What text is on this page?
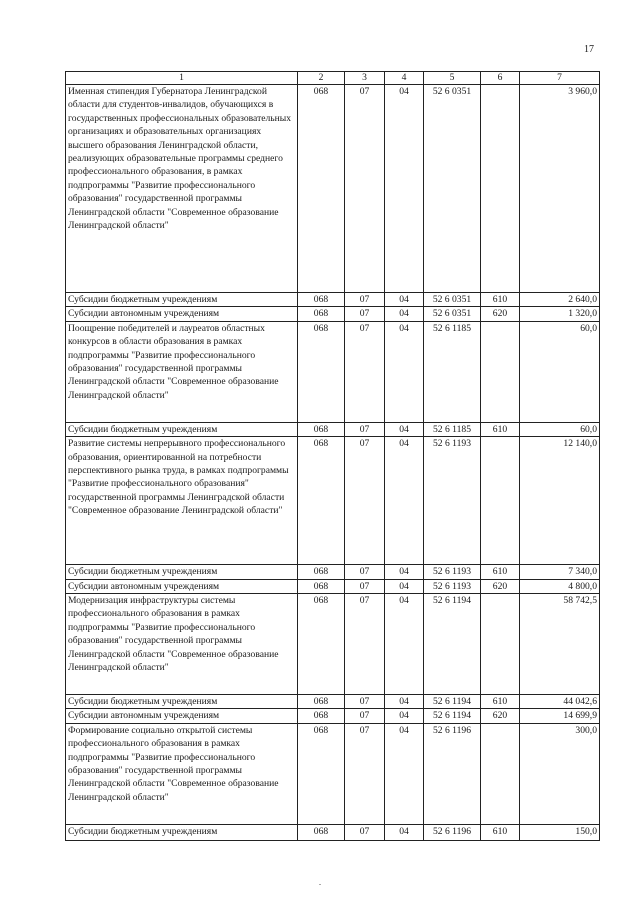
17
1	2	3	4	5	6	7
Именная стипендия Губернатора Ленинградской области для студентов-инвалидов, обучающихся в государственных профессиональных образовательных организациях и образовательных организациях высшего образования Ленинградской области, реализующих образовательные программы среднего профессионального образования, в рамках подпрограммы "Развитие профессионального образования" государственной программы Ленинградской области "Современное образование Ленинградской области"	068	07	04	52 6 0351		3 960,0
Субсидии бюджетным учреждениям	068	07	04	52 6 0351	610	2 640,0
Субсидии автономным учреждениям	068	07	04	52 6 0351	620	1 320,0
Поощрение победителей и лауреатов областных конкурсов в области образования в рамках подпрограммы "Развитие профессионального образования" государственной программы Ленинградской области "Современное образование Ленинградской области"	068	07	04	52 6 1185		60,0
Субсидии бюджетным учреждениям	068	07	04	52 6 1185	610	60,0
Развитие системы непрерывного профессионального образования, ориентированной на потребности перспективного рынка труда, в рамках подпрограммы "Развитие профессионального образования" государственной программы Ленинградской области "Современное образование Ленинградской области"	068	07	04	52 6 1193		12 140,0
Субсидии бюджетным учреждениям	068	07	04	52 6 1193	610	7 340,0
Субсидии автономным учреждениям	068	07	04	52 6 1193	620	4 800,0
Модернизация инфраструктуры системы профессионального образования в рамках подпрограммы "Развитие профессионального образования" государственной программы Ленинградской области "Современное образование Ленинградской области"	068	07	04	52 6 1194		58 742,5
Субсидии бюджетным учреждениям	068	07	04	52 6 1194	610	44 042,6
Субсидии автономным учреждениям	068	07	04	52 6 1194	620	14 699,9
Формирование социально открытой системы профессионального образования в рамках подпрограммы "Развитие профессионального образования" государственной программы Ленинградской области "Современное образование Ленинградской области"	068	07	04	52 6 1196		300,0
Субсидии бюджетным учреждениям	068	07	04	52 6 1196	610	150,0
.
